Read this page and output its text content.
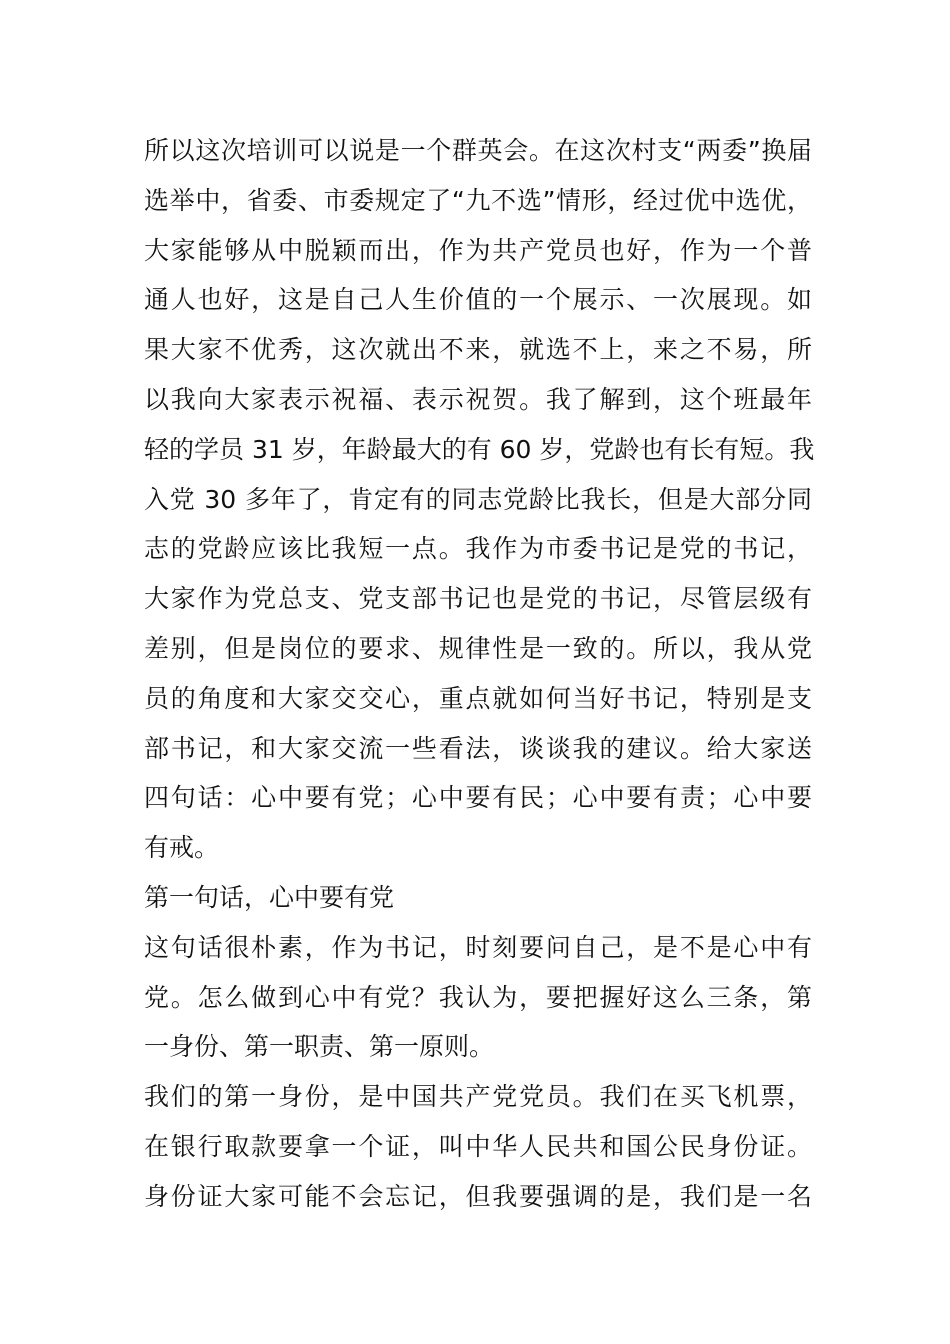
所以这次培训可以说是一个群英会。在这次村支“两委”换届
选举中，省委、市委规定了“九不选”情形，经过优中选优，
大家能够从中脱颖而出，作为共产党员也好，作为一个普
通人也好，这是自己人生价值的一个展示、一次展现。如
果大家不优秀，这次就出不来，就选不上，来之不易，所
以我向大家表示祝福、表示祝贺。我了解到，这个班最年
轻的学员 31 岁，年龄最大的有 60 岁，党龄也有长有短。我
入党 30 多年了，肯定有的同志党龄比我长，但是大部分同
志的党龄应该比我短一点。我作为市委书记是党的书记，
大家作为党总支、党支部书记也是党的书记，尽管层级有
差别，但是岗位的要求、规律性是一致的。所以，我从党
员的角度和大家交交心，重点就如何当好书记，特别是支
部书记，和大家交流一些看法，谈谈我的建议。给大家送
四句话：心中要有党；心中要有民；心中要有责；心中要
有戒。
第一句话，心中要有党
这句话很朴素，作为书记，时刻要问自己，是不是心中有
党。怎么做到心中有党？我认为，要把握好这么三条，第
一身份、第一职责、第一原则。
我们的第一身份，是中国共产党党员。我们在买飞机票，
在银行取款要拿一个证，叫中华人民共和国公民身份证。
身份证大家可能不会忘记，但我要强调的是，我们是一名
